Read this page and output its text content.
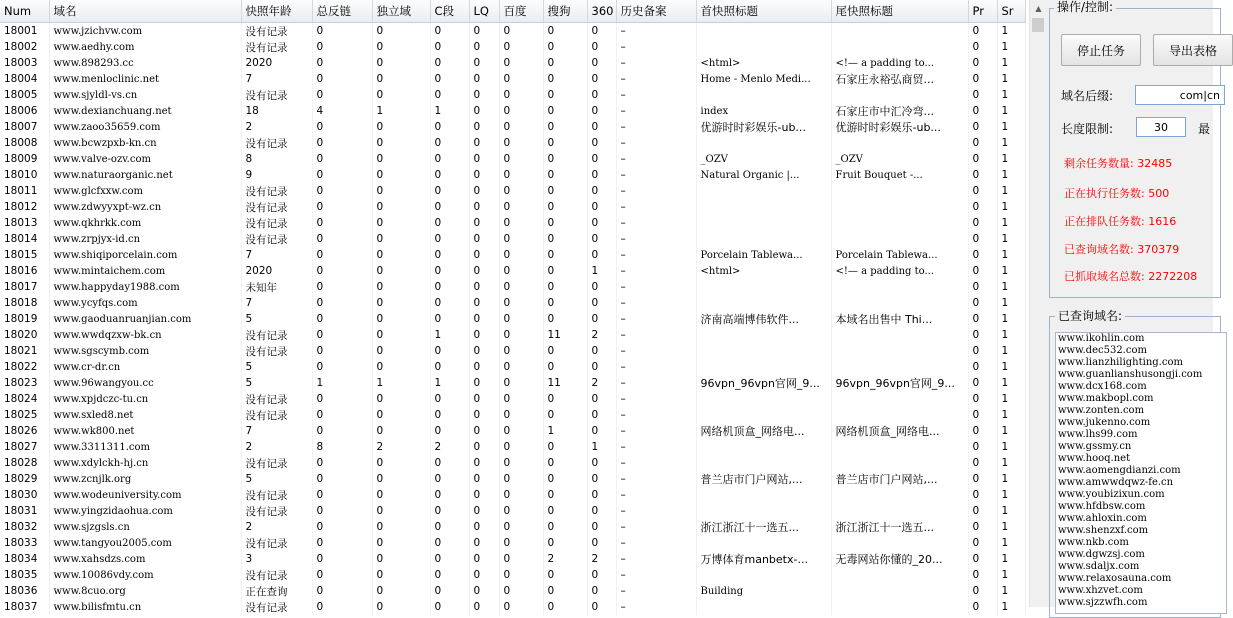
Num	域名	快照年龄	总反链	独立域	C段	LQ	百度	搜狗	360	历史备案	首快照标题	尾快照标题	Pr	Sr
18001	www.jzichvw.com	没有记录	0	0	0	0	0	0	0	–			0	1
18002	www.aedhy.com	没有记录	0	0	0	0	0	0	0	–			0	1
18003	www.898293.cc	2020	0	0	0	0	0	0	0	–	<html>	<!— a padding to...	0	1
18004	www.menloclinic.net	7	0	0	0	0	0	0	0	–	Home - Menlo Medi...	石家庄永裕弘商贸...	0	1
18005	www.sjyldl-vs.cn	没有记录	0	0	0	0	0	0	0	–			0	1
18006	www.dexianchuang.net	18	4	1	1	0	0	0	0	–	index	石家庄市中汇冷弯...	0	1
18007	www.zaoo35659.com	2	0	0	0	0	0	0	0	–	优游时时彩娱乐-ub...	优游时时彩娱乐-ub...	0	1
18008	www.bcwzpxb-kn.cn	没有记录	0	0	0	0	0	0	0	–			0	1
18009	www.valve-ozv.com	8	0	0	0	0	0	0	0	–	_OZV	_OZV	0	1
18010	www.naturaorganic.net	9	0	0	0	0	0	0	0	–	Natural Organic |...	Fruit Bouquet -...	0	1
18011	www.glcfxxw.com	没有记录	0	0	0	0	0	0	0	–			0	1
18012	www.zdwyyxpt-wz.cn	没有记录	0	0	0	0	0	0	0	–			0	1
18013	www.qkhrkk.com	没有记录	0	0	0	0	0	0	0	–			0	1
18014	www.zrpjyx-id.cn	没有记录	0	0	0	0	0	0	0	–			0	1
18015	www.shiqiporcelain.com	7	0	0	0	0	0	0	0	–	Porcelain Tablewa...	Porcelain Tablewa...	0	1
18016	www.mintaichem.com	2020	0	0	0	0	0	0	1	–	<html>	<!— a padding to...	0	1
18017	www.happyday1988.com	未知年	0	0	0	0	0	0	0	–			0	1
18018	www.ycyfqs.com	7	0	0	0	0	0	0	0	–			0	1
18019	www.gaoduanruanjian.com	5	0	0	0	0	0	0	0	–	济南高端博伟软件...	本域名出售中 Thi...	0	1
18020	www.wwdqzxw-bk.cn	没有记录	0	0	1	0	0	11	2	–			0	1
18021	www.sgscymb.com	没有记录	0	0	0	0	0	0	0	–			0	1
18022	www.cr-dr.cn	5	0	0	0	0	0	0	0	–			0	1
18023	www.96wangyou.cc	5	1	1	1	0	0	11	2	–	96vpn_96vpn官网_9...	96vpn_96vpn官网_9...	0	1
18024	www.xpjdczc-tu.cn	没有记录	0	0	0	0	0	0	0	–			0	1
18025	www.sxled8.net	没有记录	0	0	0	0	0	0	0	–			0	1
18026	www.wk800.net	7	0	0	0	0	0	1	0	–	网络机顶盒_网络电...	网络机顶盒_网络电...	0	1
18027	www.3311311.com	2	8	2	2	0	0	0	1	–			0	1
18028	www.xdylckh-hj.cn	没有记录	0	0	0	0	0	0	0	–			0	1
18029	www.zcnjlk.org	5	0	0	0	0	0	0	0	–	普兰店市门户网站,...	普兰店市门户网站,...	0	1
18030	www.wodeuniversity.com	没有记录	0	0	0	0	0	0	0	–			0	1
18031	www.yingzidaohua.com	没有记录	0	0	0	0	0	0	0	–			0	1
18032	www.sjzgsls.cn	2	0	0	0	0	0	0	0	–	浙江浙江十一选五...	浙江浙江十一选五...	0	1
18033	www.tangyou2005.com	没有记录	0	0	0	0	0	0	0	–			0	1
18034	www.xahsdzs.com	3	0	0	0	0	0	2	2	–	万博体育manbetx-...	无毒网站你懂的_20...	0	1
18035	www.10086vdy.com	没有记录	0	0	0	0	0	0	0	–			0	1
18036	www.8cuo.org	正在查询	0	0	0	0	0	0	0	–	Building		0	1
18037	www.bilisfmtu.cn	没有记录	0	0	0	0	0	0	0	–			0	1
▲	操作/控制:
停止任务	导出表格
域名后缀:	com|cn
长度限制:	30	最
剩余任务数量: 32485
正在执行任务数: 500
正在排队任务数: 1616
已查询域名数: 370379
已抓取域名总数: 2272208
已查询域名:
www.ikohlin.com
www.dec532.com
www.lianzhilighting.com
www.guanlianshusongji.com
www.dcx168.com
www.makbopl.com
www.zonten.com
www.jukenno.com
www.lhs99.com
www.gssmy.cn
www.hooq.net
www.aomengdianzi.com
www.amwwdqwz-fe.cn
www.youbizixun.com
www.hfdbsw.com
www.ahloxin.com
www.shenzxf.com
www.nkb.com
www.dgwzsj.com
www.sdaljx.com
www.relaxosauna.com
www.xhzvet.com
www.sjzzwfh.com
